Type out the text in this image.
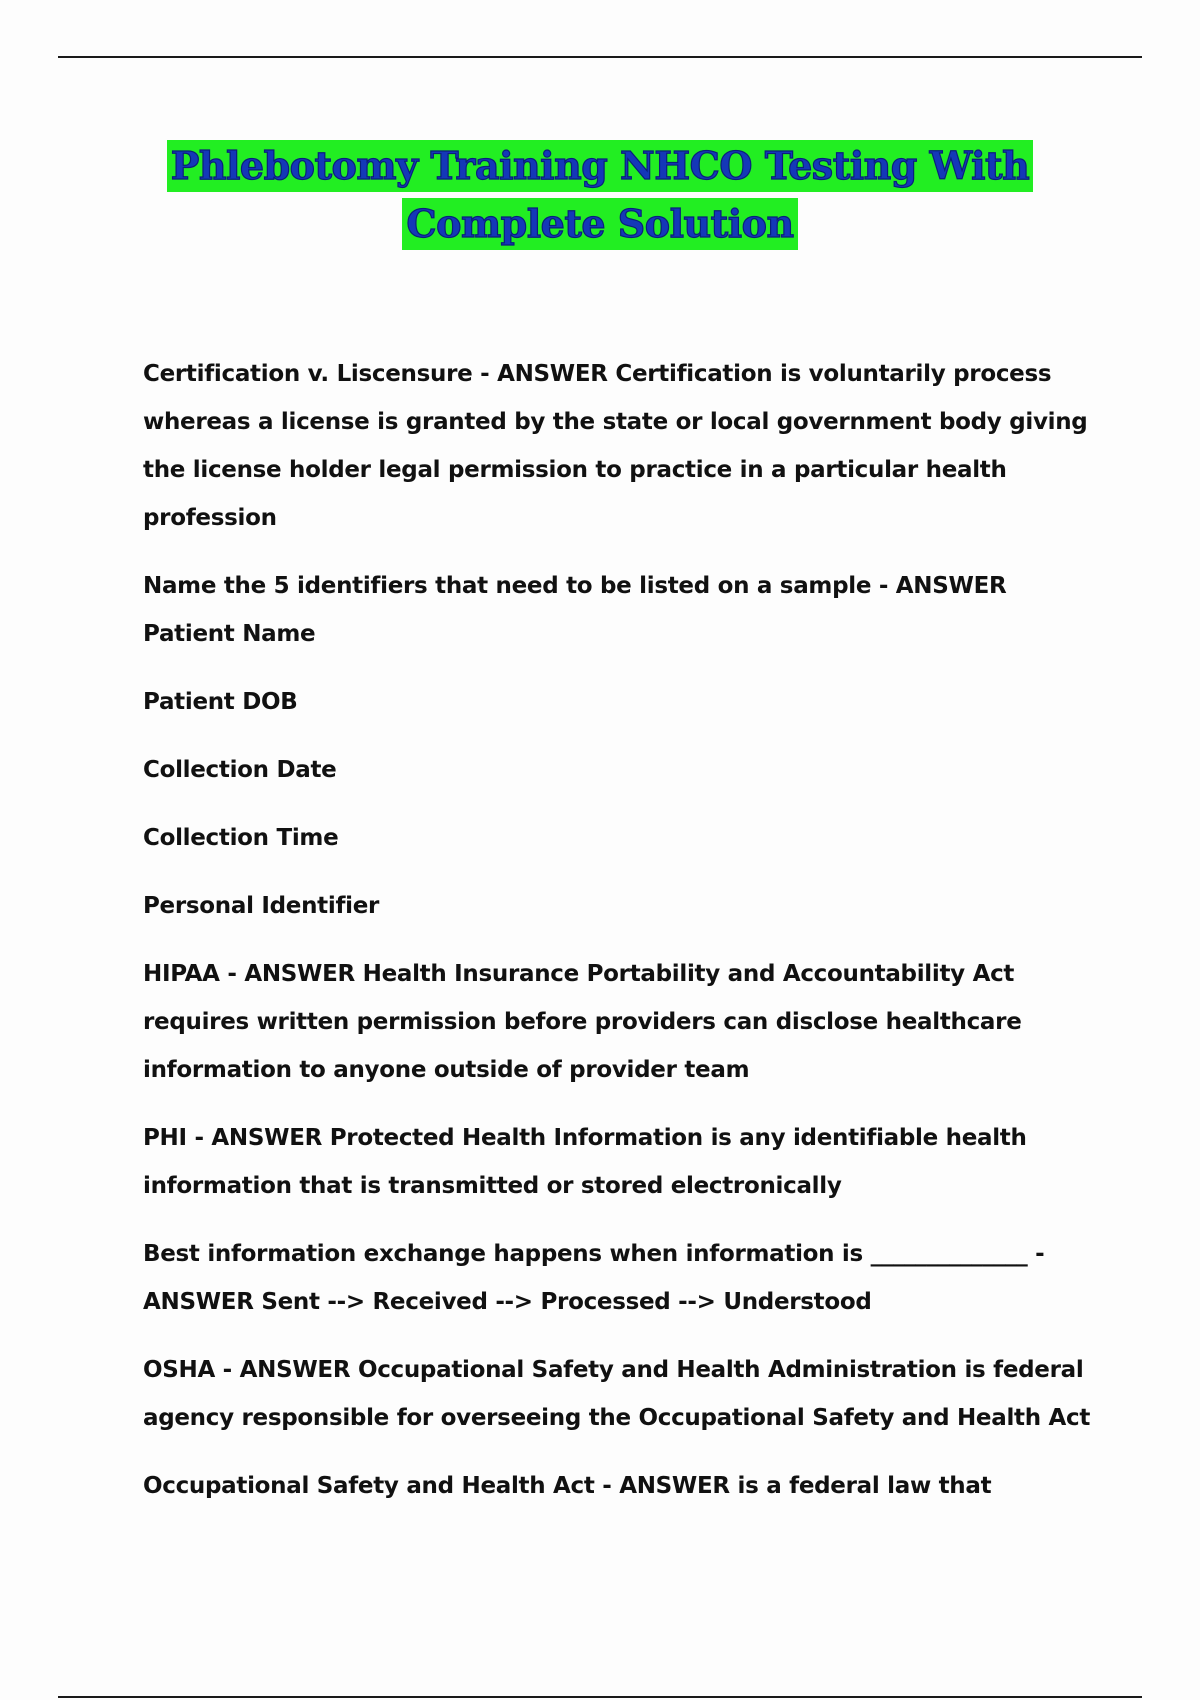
Phlebotomy Training NHCO Testing With
Complete Solution

Certification v. Liscensure - ANSWER Certification is voluntarily process whereas a license is granted by the state or local government body giving the license holder legal permission to practice in a particular health profession

Name the 5 identifiers that need to be listed on a sample - ANSWER Patient Name

Patient DOB

Collection Date

Collection Time

Personal Identifier

HIPAA - ANSWER Health Insurance Portability and Accountability Act requires written permission before providers can disclose healthcare information to anyone outside of provider team

PHI - ANSWER Protected Health Information is any identifiable health information that is transmitted or stored electronically

Best information exchange happens when information is ______________ - ANSWER Sent --> Received --> Processed --> Understood

OSHA - ANSWER Occupational Safety and Health Administration is federal agency responsible for overseeing the Occupational Safety and Health Act

Occupational Safety and Health Act - ANSWER is a federal law that
